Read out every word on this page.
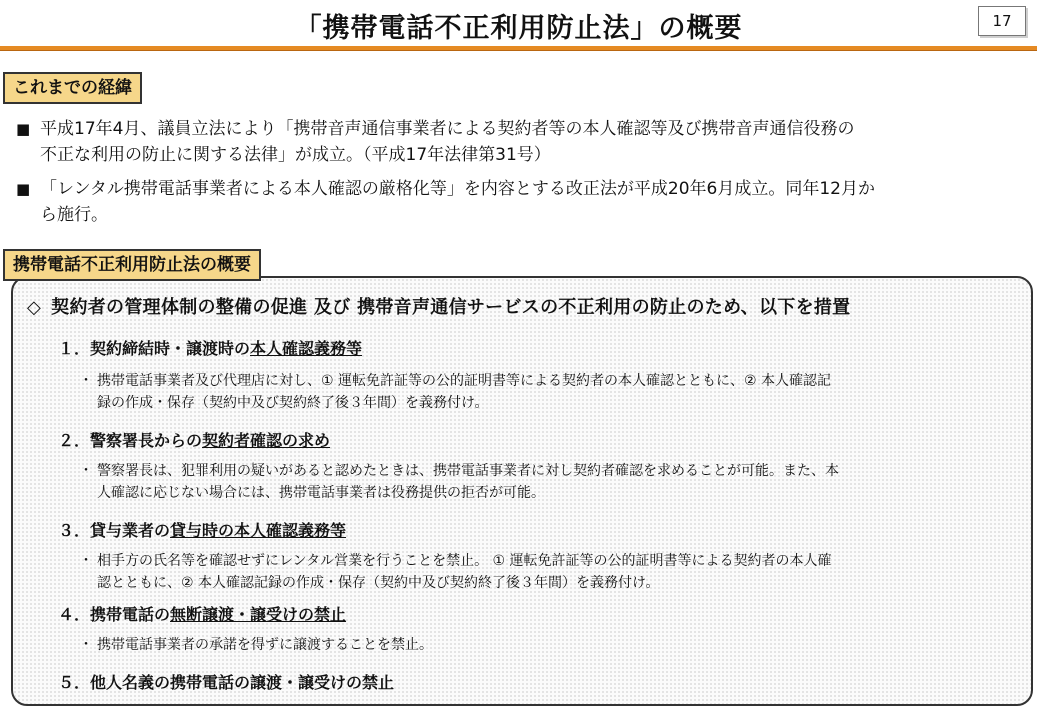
「携帯電話不正利用防止法」の概要	17
これまでの経緯
■ 平成17年4月、議員立法により「携帯音声通信事業者による契約者等の本人確認等及び携帯音声通信役務の
不正な利用の防止に関する法律」が成立。（平成17年法律第31号）
■ 「レンタル携帯電話事業者による本人確認の厳格化等」を内容とする改正法が平成20年6月成立。同年12月か
ら施行。
携帯電話不正利用防止法の概要
◇ 契約者の管理体制の整備の促進 及び 携帯音声通信サービスの不正利用の防止のため、以下を措置
１．契約締結時・譲渡時の本人確認義務等
・ 携帯電話事業者及び代理店に対し、① 運転免許証等の公的証明書等による契約者の本人確認とともに、② 本人確認記
録の作成・保存（契約中及び契約終了後３年間）を義務付け。
２．警察署長からの契約者確認の求め
・ 警察署長は、犯罪利用の疑いがあると認めたときは、携帯電話事業者に対し契約者確認を求めることが可能。また、本
人確認に応じない場合には、携帯電話事業者は役務提供の拒否が可能。
３．貸与業者の貸与時の本人確認義務等
・ 相手方の氏名等を確認せずにレンタル営業を行うことを禁止。 ① 運転免許証等の公的証明書等による契約者の本人確
認とともに、② 本人確認記録の作成・保存（契約中及び契約終了後３年間）を義務付け。
４．携帯電話の無断譲渡・譲受けの禁止
・ 携帯電話事業者の承諾を得ずに譲渡することを禁止。
５．他人名義の携帯電話の譲渡・譲受けの禁止
